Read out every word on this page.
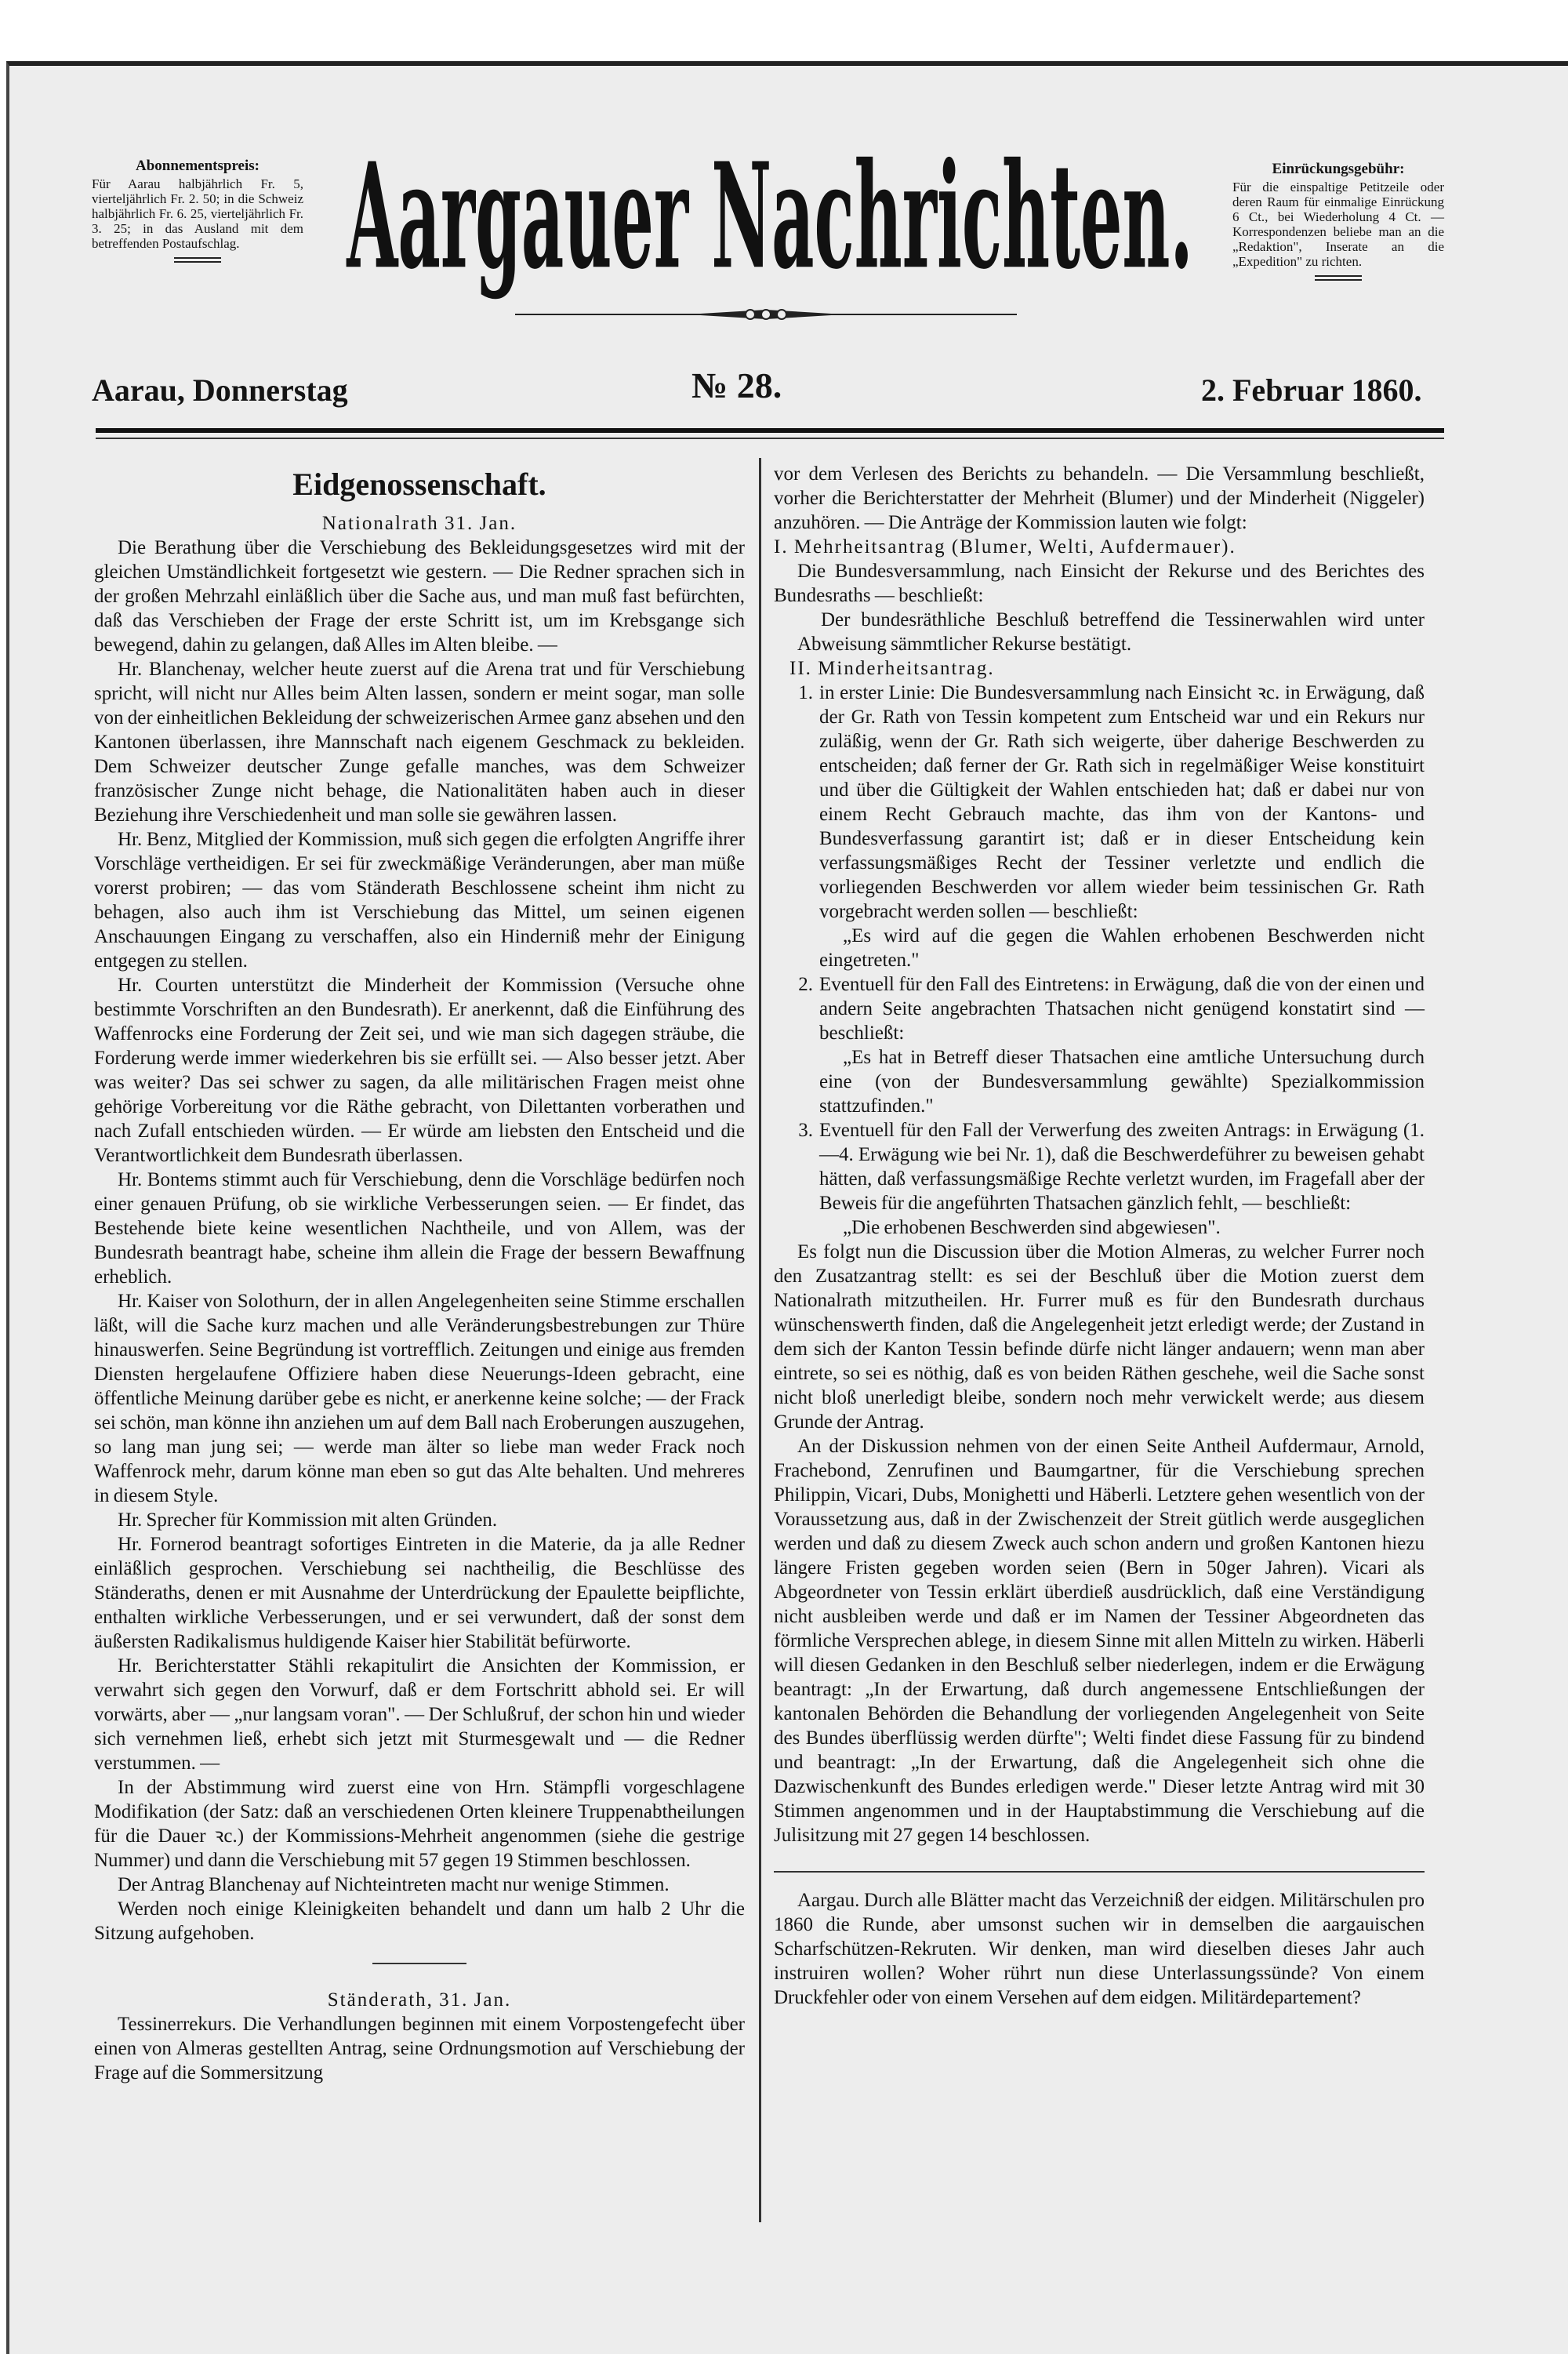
Abonnementspreis:
Für Aarau halbjährlich Fr. 5, vierteljährlich Fr. 2. 50; in die Schweiz halbjährlich Fr. 6. 25, vierteljährlich Fr. 3. 25; in das Ausland mit dem betreffenden Postaufschlag.	Aargauer Nachrichten.	Einrückungsgebühr:
Für die einspaltige Petitzeile oder deren Raum für einmalige Einrückung 6 Ct., bei Wiederholung 4 Ct. — Korrespondenzen beliebe man an die „Redaktion", Inserate an die „Expedition" zu richten.
Aarau, Donnerstag	№ 28.	2. Februar 1860.
Eidgenossenschaft.
Nationalrath 31. Jan.

Die Berathung über die Verschiebung des Bekleidungsgesetzes wird mit der gleichen Umständlichkeit fortgesetzt wie gestern. — Die Redner sprachen sich in der großen Mehrzahl einläßlich über die Sache aus, und man muß fast befürchten, daß das Verschieben der Frage der erste Schritt ist, um im Krebsgange sich bewegend, dahin zu gelangen, daß Alles im Alten bleibe. —

Hr. Blanchenay, welcher heute zuerst auf die Arena trat und für Verschiebung spricht, will nicht nur Alles beim Alten lassen, sondern er meint sogar, man solle von der einheitlichen Bekleidung der schweizerischen Armee ganz absehen und den Kantonen überlassen, ihre Mannschaft nach eigenem Geschmack zu bekleiden. Dem Schweizer deutscher Zunge gefalle manches, was dem Schweizer französischer Zunge nicht behage, die Nationalitäten haben auch in dieser Beziehung ihre Verschiedenheit und man solle sie gewähren lassen.

Hr. Benz, Mitglied der Kommission, muß sich gegen die erfolgten Angriffe ihrer Vorschläge vertheidigen. Er sei für zweckmäßige Veränderungen, aber man müße vorerst probiren; — das vom Ständerath Beschlossene scheint ihm nicht zu behagen, also auch ihm ist Verschiebung das Mittel, um seinen eigenen Anschauungen Eingang zu verschaffen, also ein Hinderniß mehr der Einigung entgegen zu stellen.

Hr. Courten unterstützt die Minderheit der Kommission (Versuche ohne bestimmte Vorschriften an den Bundesrath). Er anerkennt, daß die Einführung des Waffenrocks eine Forderung der Zeit sei, und wie man sich dagegen sträube, die Forderung werde immer wiederkehren bis sie erfüllt sei. — Also besser jetzt. Aber was weiter? Das sei schwer zu sagen, da alle militärischen Fragen meist ohne gehörige Vorbereitung vor die Räthe gebracht, von Dilettanten vorberathen und nach Zufall entschieden würden. — Er würde am liebsten den Entscheid und die Verantwortlichkeit dem Bundesrath überlassen.

Hr. Bontems stimmt auch für Verschiebung, denn die Vorschläge bedürfen noch einer genauen Prüfung, ob sie wirkliche Verbesserungen seien. — Er findet, das Bestehende biete keine wesentlichen Nachtheile, und von Allem, was der Bundesrath beantragt habe, scheine ihm allein die Frage der bessern Bewaffnung erheblich.

Hr. Kaiser von Solothurn, der in allen Angelegenheiten seine Stimme erschallen läßt, will die Sache kurz machen und alle Veränderungsbestrebungen zur Thüre hinauswerfen. Seine Begründung ist vortrefflich. Zeitungen und einige aus fremden Diensten hergelaufene Offiziere haben diese Neuerungs-Ideen gebracht, eine öffentliche Meinung darüber gebe es nicht, er anerkenne keine solche; — der Frack sei schön, man könne ihn anziehen um auf dem Ball nach Eroberungen auszugehen, so lang man jung sei; — werde man älter so liebe man weder Frack noch Waffenrock mehr, darum könne man eben so gut das Alte behalten. Und mehreres in diesem Style.

Hr. Sprecher für Kommission mit alten Gründen.

Hr. Fornerod beantragt sofortiges Eintreten in die Materie, da ja alle Redner einläßlich gesprochen. Verschiebung sei nachtheilig, die Beschlüsse des Ständeraths, denen er mit Ausnahme der Unterdrückung der Epaulette beipflichte, enthalten wirkliche Verbesserungen, und er sei verwundert, daß der sonst dem äußersten Radikalismus huldigende Kaiser hier Stabilität befürworte.

Hr. Berichterstatter Stähli rekapitulirt die Ansichten der Kommission, er verwahrt sich gegen den Vorwurf, daß er dem Fortschritt abhold sei. Er will vorwärts, aber — „nur langsam voran". — Der Schlußruf, der schon hin und wieder sich vernehmen ließ, erhebt sich jetzt mit Sturmesgewalt und — die Redner verstummen. —

In der Abstimmung wird zuerst eine von Hrn. Stämpfli vorgeschlagene Modifikation (der Satz: daß an verschiedenen Orten kleinere Truppenabtheilungen für die Dauer ꝛc.) der Kommissions-Mehrheit angenommen (siehe die gestrige Nummer) und dann die Verschiebung mit 57 gegen 19 Stimmen beschlossen.

Der Antrag Blanchenay auf Nichteintreten macht nur wenige Stimmen.

Werden noch einige Kleinigkeiten behandelt und dann um halb 2 Uhr die Sitzung aufgehoben.

Ständerath, 31. Jan.

Tessinerrekurs. Die Verhandlungen beginnen mit einem Vorpostengefecht über einen von Almeras gestellten Antrag, seine Ordnungsmotion auf Verschiebung der Frage auf die Sommersitzung

vor dem Verlesen des Berichts zu behandeln. — Die Versammlung beschließt, vorher die Berichterstatter der Mehrheit (Blumer) und der Minderheit (Niggeler) anzuhören. — Die Anträge der Kommission lauten wie folgt:

I. Mehrheitsantrag (Blumer, Welti, Aufdermauer).

Die Bundesversammlung, nach Einsicht der Rekurse und des Berichtes des Bundesraths — beschließt:

Der bundesräthliche Beschluß betreffend die Tessinerwahlen wird unter Abweisung sämmtlicher Rekurse bestätigt.

II. Minderheitsantrag.

1. in erster Linie: Die Bundesversammlung nach Einsicht ꝛc. in Erwägung, daß der Gr. Rath von Tessin kompetent zum Entscheid war und ein Rekurs nur zuläßig, wenn der Gr. Rath sich weigerte, über daherige Beschwerden zu entscheiden; daß ferner der Gr. Rath sich in regelmäßiger Weise konstituirt und über die Gültigkeit der Wahlen entschieden hat; daß er dabei nur von einem Recht Gebrauch machte, das ihm von der Kantons- und Bundesverfassung garantirt ist; daß er in dieser Entscheidung kein verfassungsmäßiges Recht der Tessiner verletzte und endlich die vorliegenden Beschwerden vor allem wieder beim tessinischen Gr. Rath vorgebracht werden sollen — beschließt:
„Es wird auf die gegen die Wahlen erhobenen Beschwerden nicht eingetreten."
2. Eventuell für den Fall des Eintretens: in Erwägung, daß die von der einen und andern Seite angebrachten Thatsachen nicht genügend konstatirt sind — beschließt:
„Es hat in Betreff dieser Thatsachen eine amtliche Untersuchung durch eine (von der Bundesversammlung gewählte) Spezialkommission stattzufinden."
3. Eventuell für den Fall der Verwerfung des zweiten Antrags: in Erwägung (1.—4. Erwägung wie bei Nr. 1), daß die Beschwerdeführer zu beweisen gehabt hätten, daß verfassungsmäßige Rechte verletzt wurden, im Fragefall aber der Beweis für die angeführten Thatsachen gänzlich fehlt, — beschließt:
„Die erhobenen Beschwerden sind abgewiesen".

Es folgt nun die Discussion über die Motion Almeras, zu welcher Furrer noch den Zusatzantrag stellt: es sei der Beschluß über die Motion zuerst dem Nationalrath mitzutheilen. Hr. Furrer muß es für den Bundesrath durchaus wünschenswerth finden, daß die Angelegenheit jetzt erledigt werde; der Zustand in dem sich der Kanton Tessin befinde dürfe nicht länger andauern; wenn man aber eintrete, so sei es nöthig, daß es von beiden Räthen geschehe, weil die Sache sonst nicht bloß unerledigt bleibe, sondern noch mehr verwickelt werde; aus diesem Grunde der Antrag.

An der Diskussion nehmen von der einen Seite Antheil Aufdermaur, Arnold, Frachebond, Zenrufinen und Baumgartner, für die Verschiebung sprechen Philippin, Vicari, Dubs, Monighetti und Häberli. Letztere gehen wesentlich von der Voraussetzung aus, daß in der Zwischenzeit der Streit gütlich werde ausgeglichen werden und daß zu diesem Zweck auch schon andern und großen Kantonen hiezu längere Fristen gegeben worden seien (Bern in 50ger Jahren). Vicari als Abgeordneter von Tessin erklärt überdieß ausdrücklich, daß eine Verständigung nicht ausbleiben werde und daß er im Namen der Tessiner Abgeordneten das förmliche Versprechen ablege, in diesem Sinne mit allen Mitteln zu wirken. Häberli will diesen Gedanken in den Beschluß selber niederlegen, indem er die Erwägung beantragt: „In der Erwartung, daß durch angemessene Entschließungen der kantonalen Behörden die Behandlung der vorliegenden Angelegenheit von Seite des Bundes überflüssig werden dürfte"; Welti findet diese Fassung für zu bindend und beantragt: „In der Erwartung, daß die Angelegenheit sich ohne die Dazwischenkunft des Bundes erledigen werde." Dieser letzte Antrag wird mit 30 Stimmen angenommen und in der Hauptabstimmung die Verschiebung auf die Julisitzung mit 27 gegen 14 beschlossen.

Aargau. Durch alle Blätter macht das Verzeichniß der eidgen. Militärschulen pro 1860 die Runde, aber umsonst suchen wir in demselben die aargauischen Scharfschützen-Rekruten. Wir denken, man wird dieselben dieses Jahr auch instruiren wollen? Woher rührt nun diese Unterlassungssünde? Von einem Druckfehler oder von einem Versehen auf dem eidgen. Militärdepartement?
